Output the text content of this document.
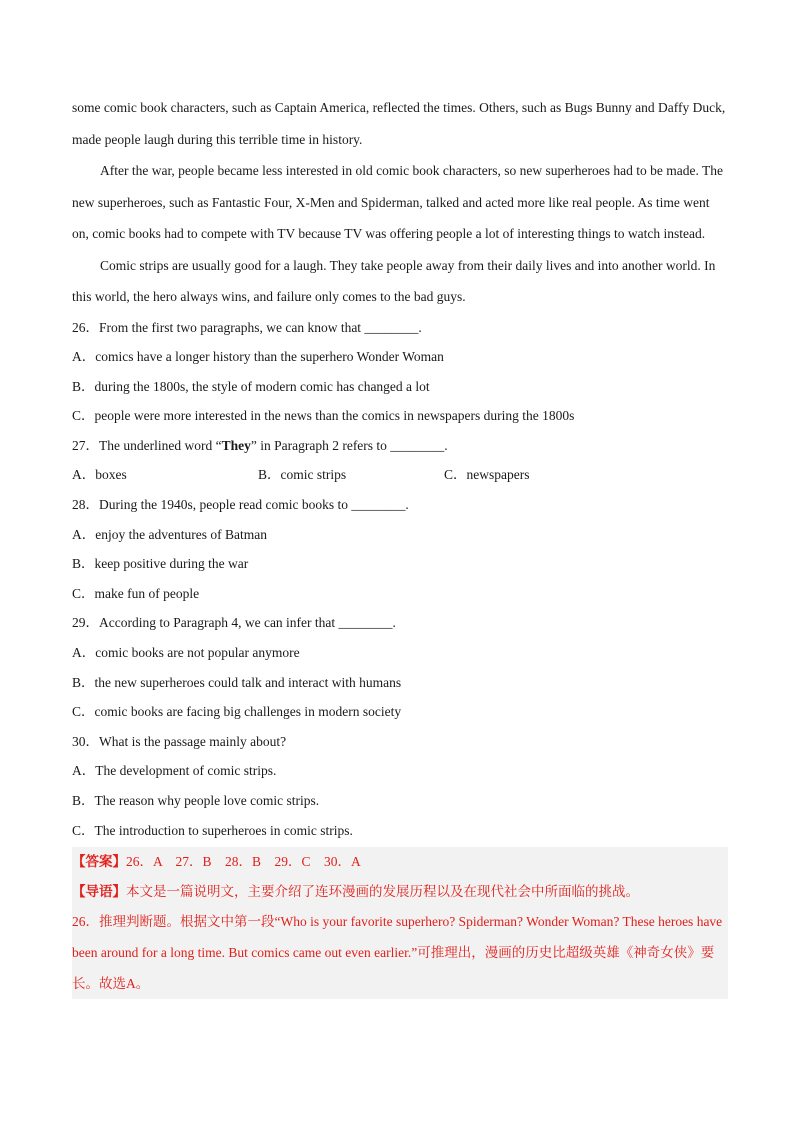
some comic book characters, such as Captain America, reflected the times. Others, such as Bugs Bunny and Daffy Duck, made people laugh during this terrible time in history.

After the war, people became less interested in old comic book characters, so new superheroes had to be made. The new superheroes, such as Fantastic Four, X-Men and Spiderman, talked and acted more like real people. As time went on, comic books had to compete with TV because TV was offering people a lot of interesting things to watch instead.

Comic strips are usually good for a laugh. They take people away from their daily lives and into another world. In this world, the hero always wins, and failure only comes to the bad guys.

26．From the first two paragraphs, we can know that ________.

A．comics have a longer history than the superhero Wonder Woman

B．during the 1800s, the style of modern comic has changed a lot

C．people were more interested in the news than the comics in newspapers during the 1800s

27．The underlined word “They” in Paragraph 2 refers to ________.

A．boxes	B．comic strips	C．newspapers

28．During the 1940s, people read comic books to ________.

A．enjoy the adventures of Batman

B．keep positive during the war

C．make fun of people

29．According to Paragraph 4, we can infer that ________.

A．comic books are not popular anymore

B．the new superheroes could talk and interact with humans

C．comic books are facing big challenges in modern society

30．What is the passage mainly about?

A．The development of comic strips.

B．The reason why people love comic strips.

C．The introduction to superheroes in comic strips.

【答案】26．A　27．B　28．B　29．C　30．A

【导语】本文是一篇说明文，主要介绍了连环漫画的发展历程以及在现代社会中所面临的挑战。

26．推理判断题。根据文中第一段“Who is your favorite superhero? Spiderman? Wonder Woman? These heroes have been around for a long time. But comics came out even earlier.”可推理出，漫画的历史比超级英雄《神奇女侠》要长。故选A。
